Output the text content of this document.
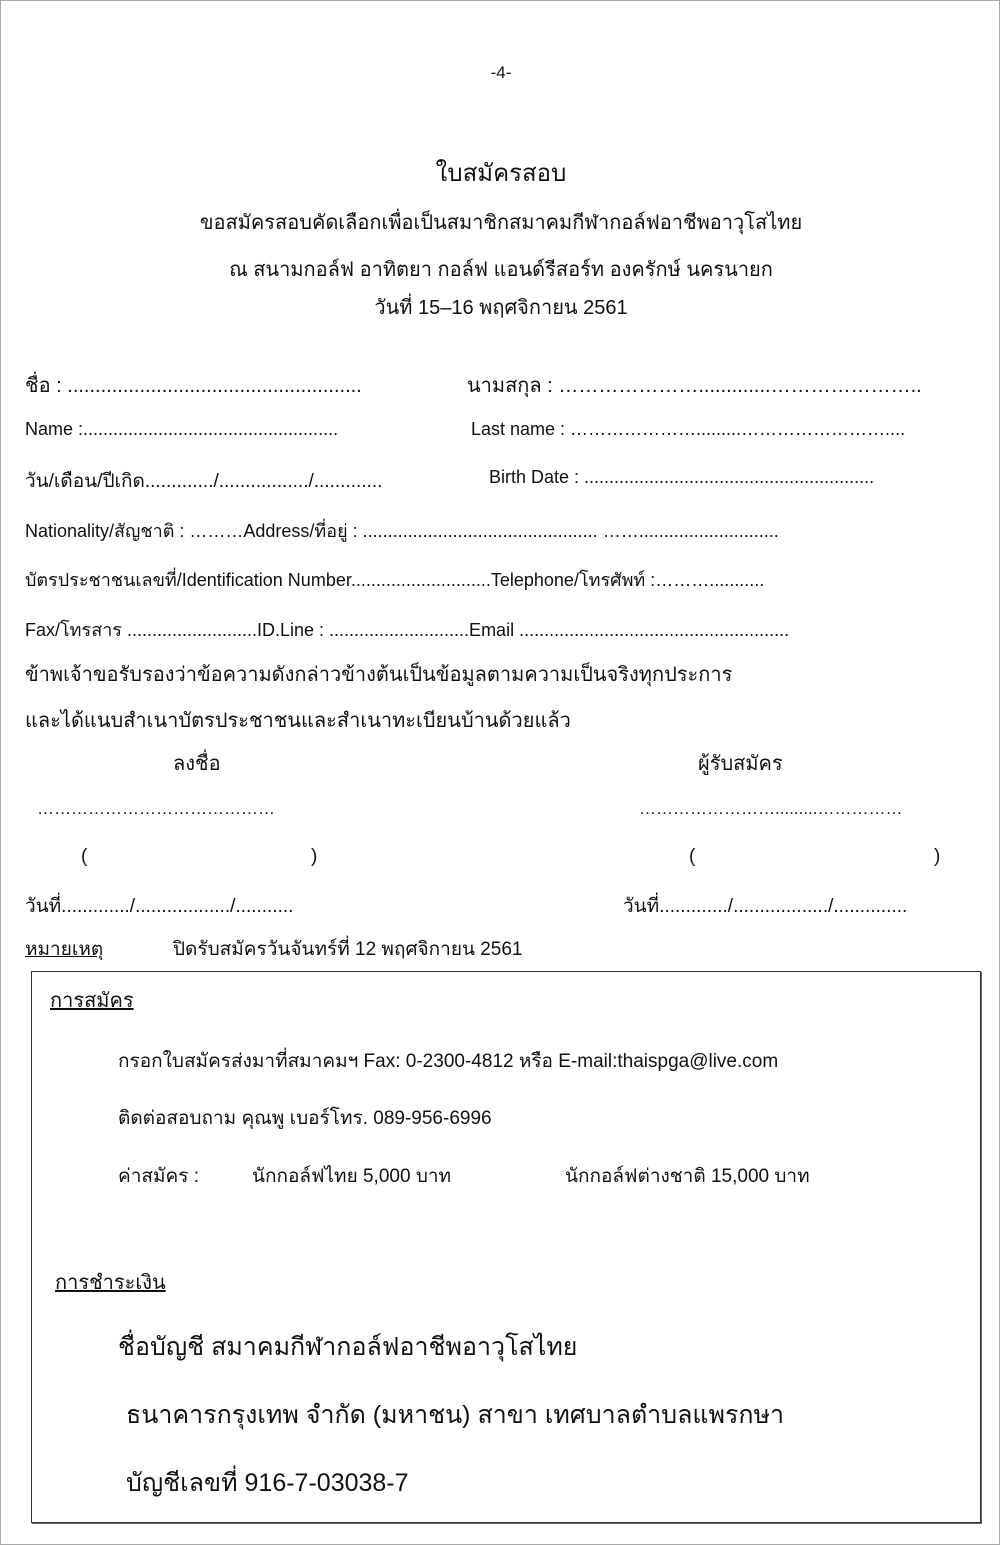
-4-
ใบสมัครสอบ
ขอสมัครสอบคัดเลือกเพื่อเป็นสมาชิกสมาคมกีฬากอล์ฟอาชีพอาวุโสไทย
ณ สนามกอล์ฟ อาทิตยา กอล์ฟ แอนด์รีสอร์ท องครักษ์ นครนายก
วันที่ 15–16 พฤศจิกายน 2561
ชื่อ : .....................................................	นามสกุล : ………………….............…………………..
Name :...................................................	Last name : ………………….........……………………....
วัน/เดือน/ปีเกิด............./................./.............	Birth Date : ..........................................................
Nationality/สัญชาติ : ………Address/ที่อยู่ : ............................................... ……............................
บัตรประชาชนเลขที่/Identification Number............................Telephone/โทรศัพท์ :………...........
Fax/โทรสาร ..........................ID.Line : ............................Email ......................................................
ข้าพเจ้าขอรับรองว่าข้อความดังกล่าวข้างต้นเป็นข้อมูลตามความเป็นจริงทุกประการ
และได้แนบสำเนาบัตรประชาชนและสำเนาทะเบียนบ้านด้วยแล้ว
ลงชื่อ	ผู้รับสมัคร
……………………………………	…………………….........……………
(	)	(	)
วันที่............./................../...........	วันที่............./................../..............
หมายเหตุ	ปิดรับสมัครวันจันทร์ที่ 12 พฤศจิกายน 2561
การสมัคร
กรอกใบสมัครส่งมาที่สมาคมฯ Fax: 0-2300-4812 หรือ E-mail:thaispga@live.com
ติดต่อสอบถาม คุณพู เบอร์โทร. 089-956-6996
ค่าสมัคร :	นักกอล์ฟไทย 5,000 บาท	นักกอล์ฟต่างชาติ 15,000 บาท
การชำระเงิน
ชื่อบัญชี สมาคมกีฬากอล์ฟอาชีพอาวุโสไทย
ธนาคารกรุงเทพ จำกัด (มหาชน) สาขา เทศบาลตำบลแพรกษา
บัญชีเลขที่ 916-7-03038-7
